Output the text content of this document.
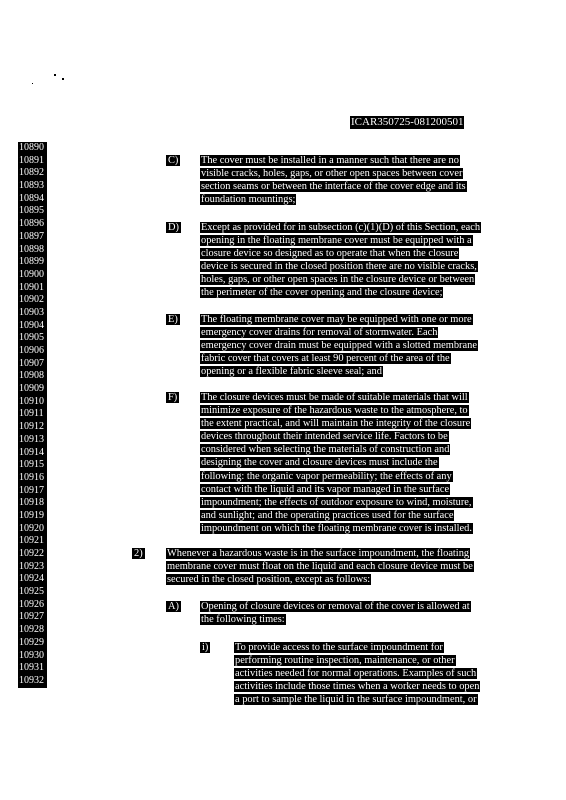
ICAR350725-081200501
10890
10891
10892
10893
10894
10895
10896
10897
10898
10899
10900
10901
10902
10903
10904
10905
10906
10907
10908
10909
10910
10911
10912
10913
10914
10915
10916
10917
10918
10919
10920
10921
10922
10923
10924
10925
10926
10927
10928
10929
10930
10931
10932
C) The cover must be installed in a manner such that there are no
visible cracks, holes, gaps, or other open spaces between cover
section seams or between the interface of the cover edge and its
foundation mountings;
D) Except as provided for in subsection (c)(1)(D) of this Section, each
opening in the floating membrane cover must be equipped with a
closure device so designed as to operate that when the closure
device is secured in the closed position there are no visible cracks,
holes, gaps, or other open spaces in the closure device or between
the perimeter of the cover opening and the closure device;
E) The floating membrane cover may be equipped with one or more
emergency cover drains for removal of stormwater. Each
emergency cover drain must be equipped with a slotted membrane
fabric cover that covers at least 90 percent of the area of the
opening or a flexible fabric sleeve seal; and
F) The closure devices must be made of suitable materials that will
minimize exposure of the hazardous waste to the atmosphere, to
the extent practical, and will maintain the integrity of the closure
devices throughout their intended service life. Factors to be
considered when selecting the materials of construction and
designing the cover and closure devices must include the
following: the organic vapor permeability; the effects of any
contact with the liquid and its vapor managed in the surface
impoundment; the effects of outdoor exposure to wind, moisture,
and sunlight; and the operating practices used for the surface
impoundment on which the floating membrane cover is installed.
2) Whenever a hazardous waste is in the surface impoundment, the floating
membrane cover must float on the liquid and each closure device must be
secured in the closed position, except as follows:
A) Opening of closure devices or removal of the cover is allowed at
the following times:
i)	To provide access to the surface impoundment for
performing routine inspection, maintenance, or other
activities needed for normal operations. Examples of such
activities include those times when a worker needs to open
a port to sample the liquid in the surface impoundment, or
